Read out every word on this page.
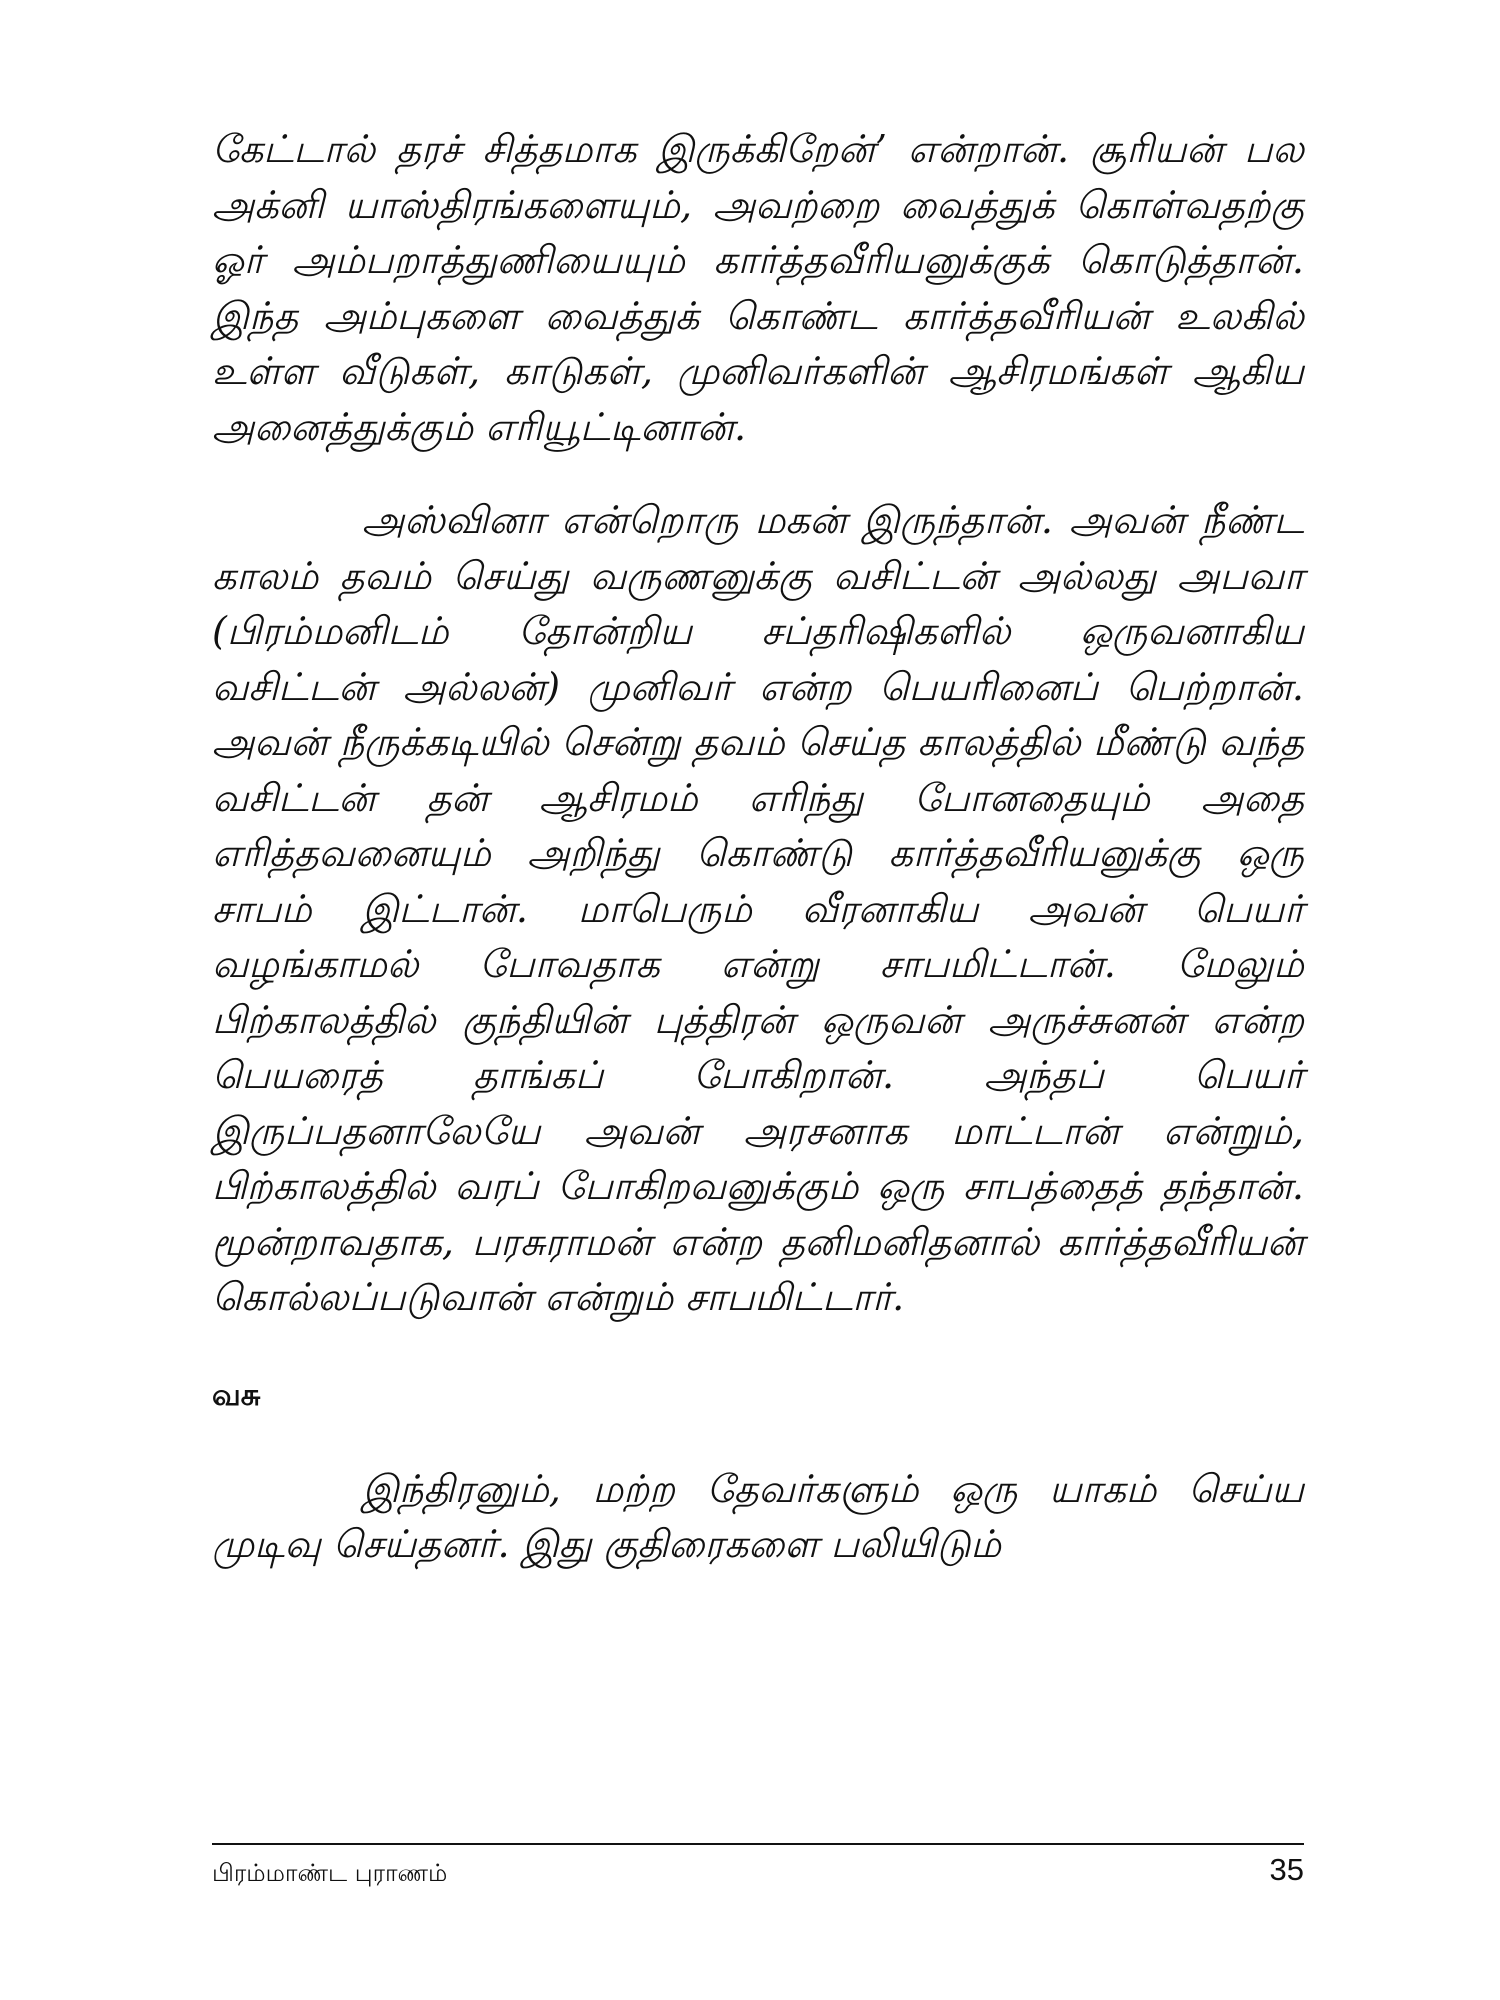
கேட்டால் தரச் சித்தமாக இருக்கிறேன்’ என்றான். சூரியன் பல அக்னி யாஸ்திரங்களையும், அவற்றை வைத்துக் கொள்வதற்கு ஓர் அம்பறாத்துணியையும் கார்த்தவீரியனுக்குக் கொடுத்தான். இந்த அம்புகளை வைத்துக் கொண்ட கார்த்தவீரியன் உலகில் உள்ள வீடுகள், காடுகள், முனிவர்களின் ஆசிரமங்கள் ஆகிய அனைத்துக்கும் எரியூட்டினான்.

அஸ்வினா என்றொரு மகன் இருந்தான். அவன் நீண்ட காலம் தவம் செய்து வருணனுக்கு வசிட்டன் அல்லது அபவா (பிரம்மனிடம் தோன்றிய சப்தரிஷிகளில் ஒருவனாகிய வசிட்டன் அல்லன்) முனிவர் என்ற பெயரினைப் பெற்றான். அவன் நீருக்கடியில் சென்று தவம் செய்த காலத்தில் மீண்டு வந்த வசிட்டன் தன் ஆசிரமம் எரிந்து போனதையும் அதை எரித்தவனையும் அறிந்து கொண்டு கார்த்தவீரியனுக்கு ஒரு சாபம் இட்டான். மாபெரும் வீரனாகிய அவன் பெயர் வழங்காமல் போவதாக என்று சாபமிட்டான். மேலும் பிற்காலத்தில் குந்தியின் புத்திரன் ஒருவன் அருச்சுனன் என்ற பெயரைத் தாங்கப் போகிறான். அந்தப் பெயர் இருப்பதனாலேயே அவன் அரசனாக மாட்டான் என்றும், பிற்காலத்தில் வரப் போகிறவனுக்கும் ஒரு சாபத்தைத் தந்தான். மூன்றாவதாக, பரசுராமன் என்ற தனிமனிதனால் கார்த்தவீரியன் கொல்லப்படுவான் என்றும் சாபமிட்டார்.

வசு

இந்திரனும், மற்ற தேவர்களும் ஒரு யாகம் செய்ய முடிவு செய்தனர். இது குதிரைகளை பலியிடும்

பிரம்மாண்ட புராணம்	35
